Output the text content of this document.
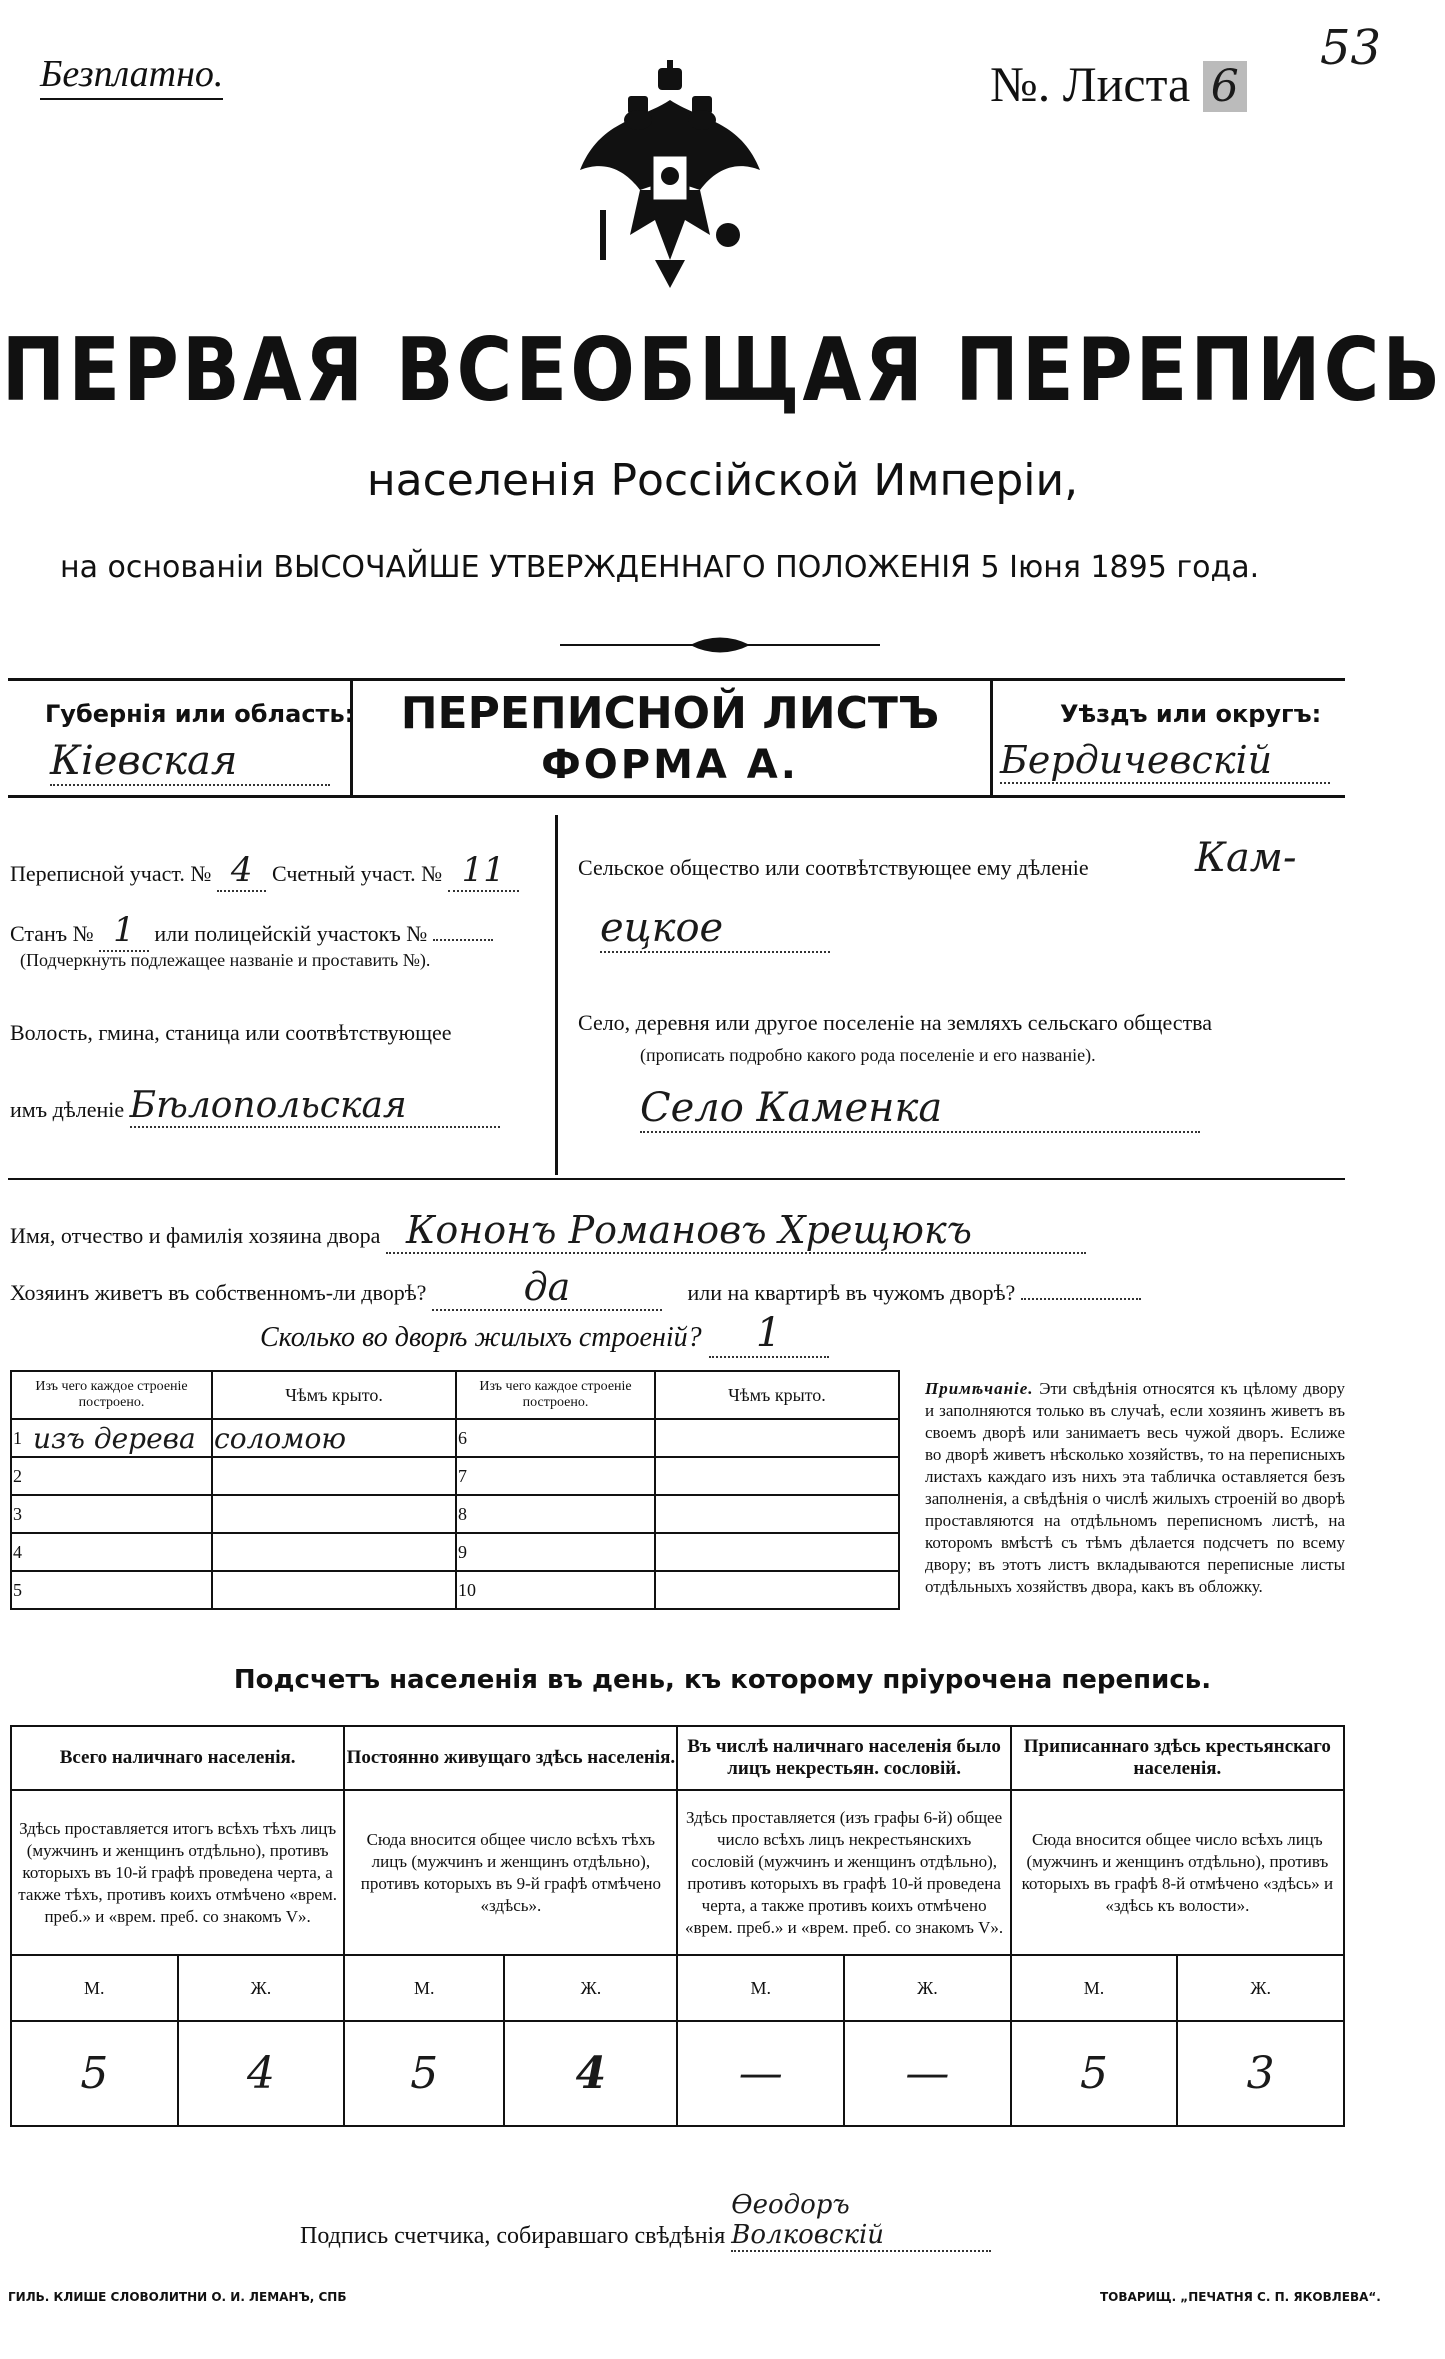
Безплатно.	№. Листа 6
53
ПЕРВАЯ ВСЕОБЩАЯ ПЕРЕПИСЬ
населенія Россійской Имперіи,
на основаніи ВЫСОЧАЙШЕ УТВЕРЖДЕННАГО ПОЛОЖЕНІЯ 5 Іюня 1895 года.
Губернія или область:
Кіевская
ПЕРЕПИСНОЙ ЛИСТЪ
ФОРМА А.
Уѣздъ или округъ:
Бердичевскій
Переписной участ. № 4 Счетный участ. № 11
Станъ № 1 или полицейскій участокъ №
(Подчеркнуть подлежащее названіе и проставить №).
Волость, гмина, станица или соотвѣтствующее
имъ дѣленіе Бѣлопольская
Сельское общество или соотвѣтствующее ему дѣленіе	Кам-
ецкое
Село, деревня или другое поселеніе на земляхъ сельскаго общества
(прописать подробно какого рода поселеніе и его названіе).
Село Каменка
Имя, отчество и фамилія хозяина двора Кононъ Романовъ Хрещюкъ
Хозяинъ живетъ въ собственномъ-ли дворѣ?	да	или на квартирѣ въ чужомъ дворѣ?
Сколько во дворѣ жилыхъ строеній? 1
Изъ чего каждое строеніе построено.		Чѣмъ крыто.	Изъ чего каждое строеніе построено.		Чѣмъ крыто.
1	изъ дерева	соломою	6		
2			7		
3			8		
4			9		
5			10		
Примѣчаніе. Эти свѣдѣнія относятся къ цѣлому двору и заполняются только въ случаѣ, если хозяинъ живетъ въ своемъ дворѣ или занимаетъ весь чужой дворъ. Еслиже во дворѣ живетъ нѣсколько хозяйствъ, то на переписныхъ листахъ каждаго изъ нихъ эта табличка оставляется безъ заполненія, а свѣдѣнія о числѣ жилыхъ строеній во дворѣ проставляются на отдѣльномъ переписномъ листѣ, на которомъ вмѣстѣ съ тѣмъ дѣлается подсчетъ по всему двору; въ этотъ листъ вкладываются переписные листы отдѣльныхъ хозяйствъ двора, какъ въ обложку.
Подсчетъ населенія въ день, къ которому пріурочена перепись.
Всего наличнаго населенія.		Постоянно живущаго здѣсь населенія.		Въ числѣ наличнаго населенія было лицъ некрестьян. сословій.		Приписаннаго здѣсь крестьянскаго населенія.	
Здѣсь проставляется итогъ всѣхъ тѣхъ лицъ (мужчинъ и женщинъ отдѣльно), противъ которыхъ въ 10-й графѣ проведена черта, а также тѣхъ, противъ коихъ отмѣчено «врем. преб.» и «врем. преб. со знакомъ V».		Сюда вносится общее число всѣхъ тѣхъ лицъ (мужчинъ и женщинъ отдѣльно), противъ которыхъ въ 9-й графѣ отмѣчено «здѣсь».		Здѣсь проставляется (изъ графы 6-й) общее число всѣхъ лицъ некрестьянскихъ сословій (мужчинъ и женщинъ отдѣльно), противъ которыхъ въ графѣ 10-й проведена черта, а также противъ коихъ отмѣчено «врем. преб.» и «врем. преб. со знакомъ V».		Сюда вносится общее число всѣхъ лицъ (мужчинъ и женщинъ отдѣльно), противъ которыхъ въ графѣ 8-й отмѣчено «здѣсь» и «здѣсь къ волости».	
М.	Ж.	М.	Ж.	М.	Ж.	М.	Ж.
5	4	5	4	—	—	5	3
Подпись счетчика, собиравшаго свѣдѣнія Ѳеодоръ Волковскій
ГИЛЬ. КЛИШЕ СЛОВОЛИТНИ О. И. ЛЕМАНЪ, СПБ	ТОВАРИЩ. „ПЕЧАТНЯ С. П. ЯКОВЛЕВА“.
